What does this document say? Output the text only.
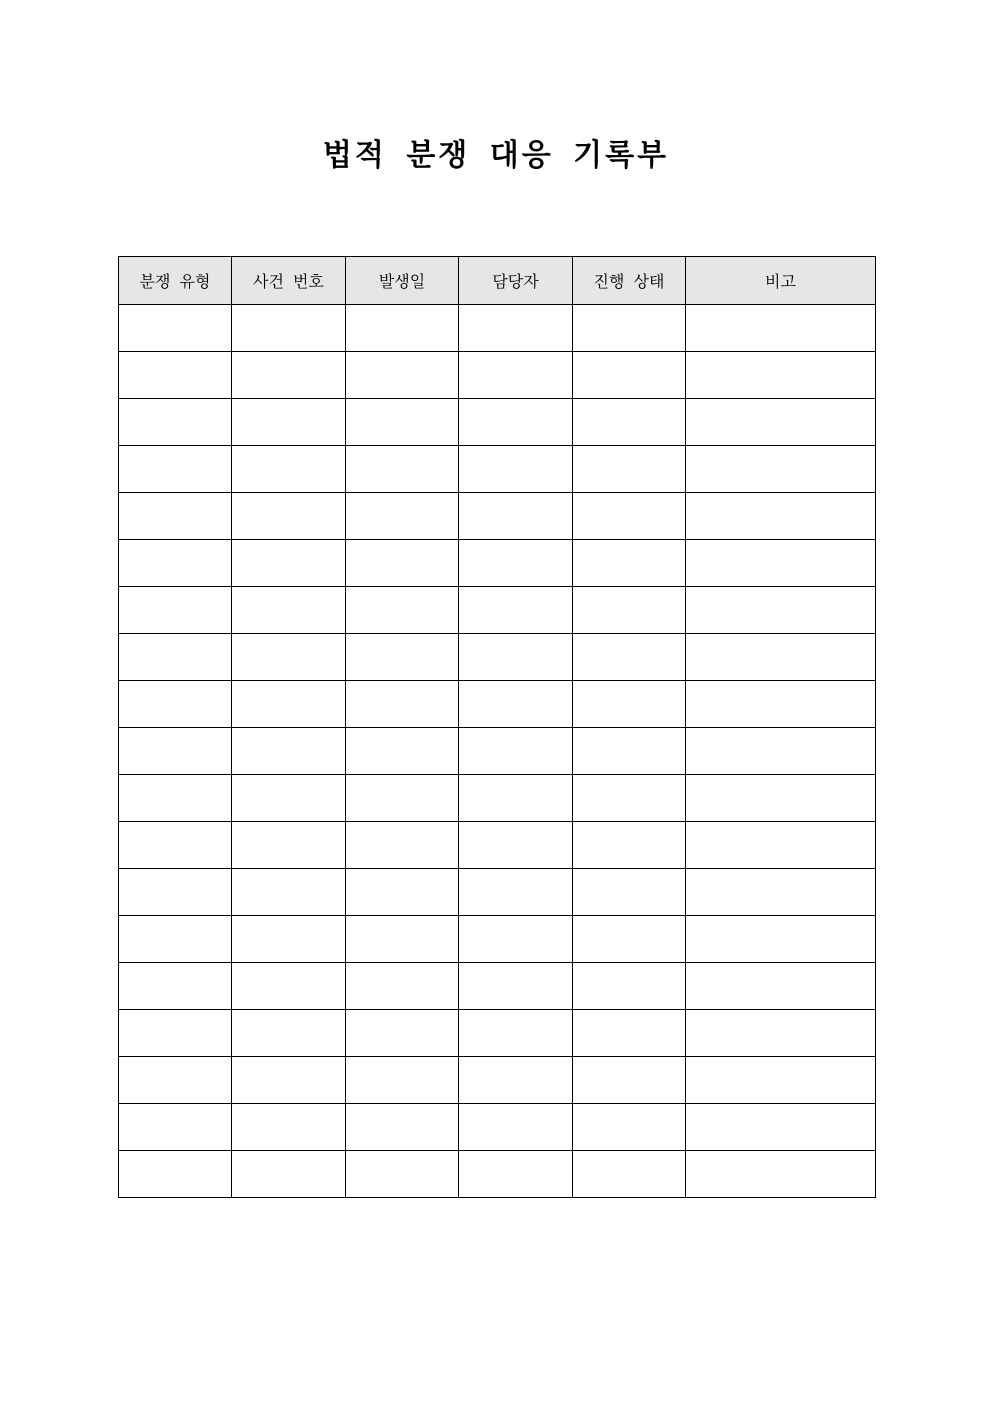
법적 분쟁 대응 기록부
분쟁 유형	사건 번호	발생일	담당자	진행 상태	비고
